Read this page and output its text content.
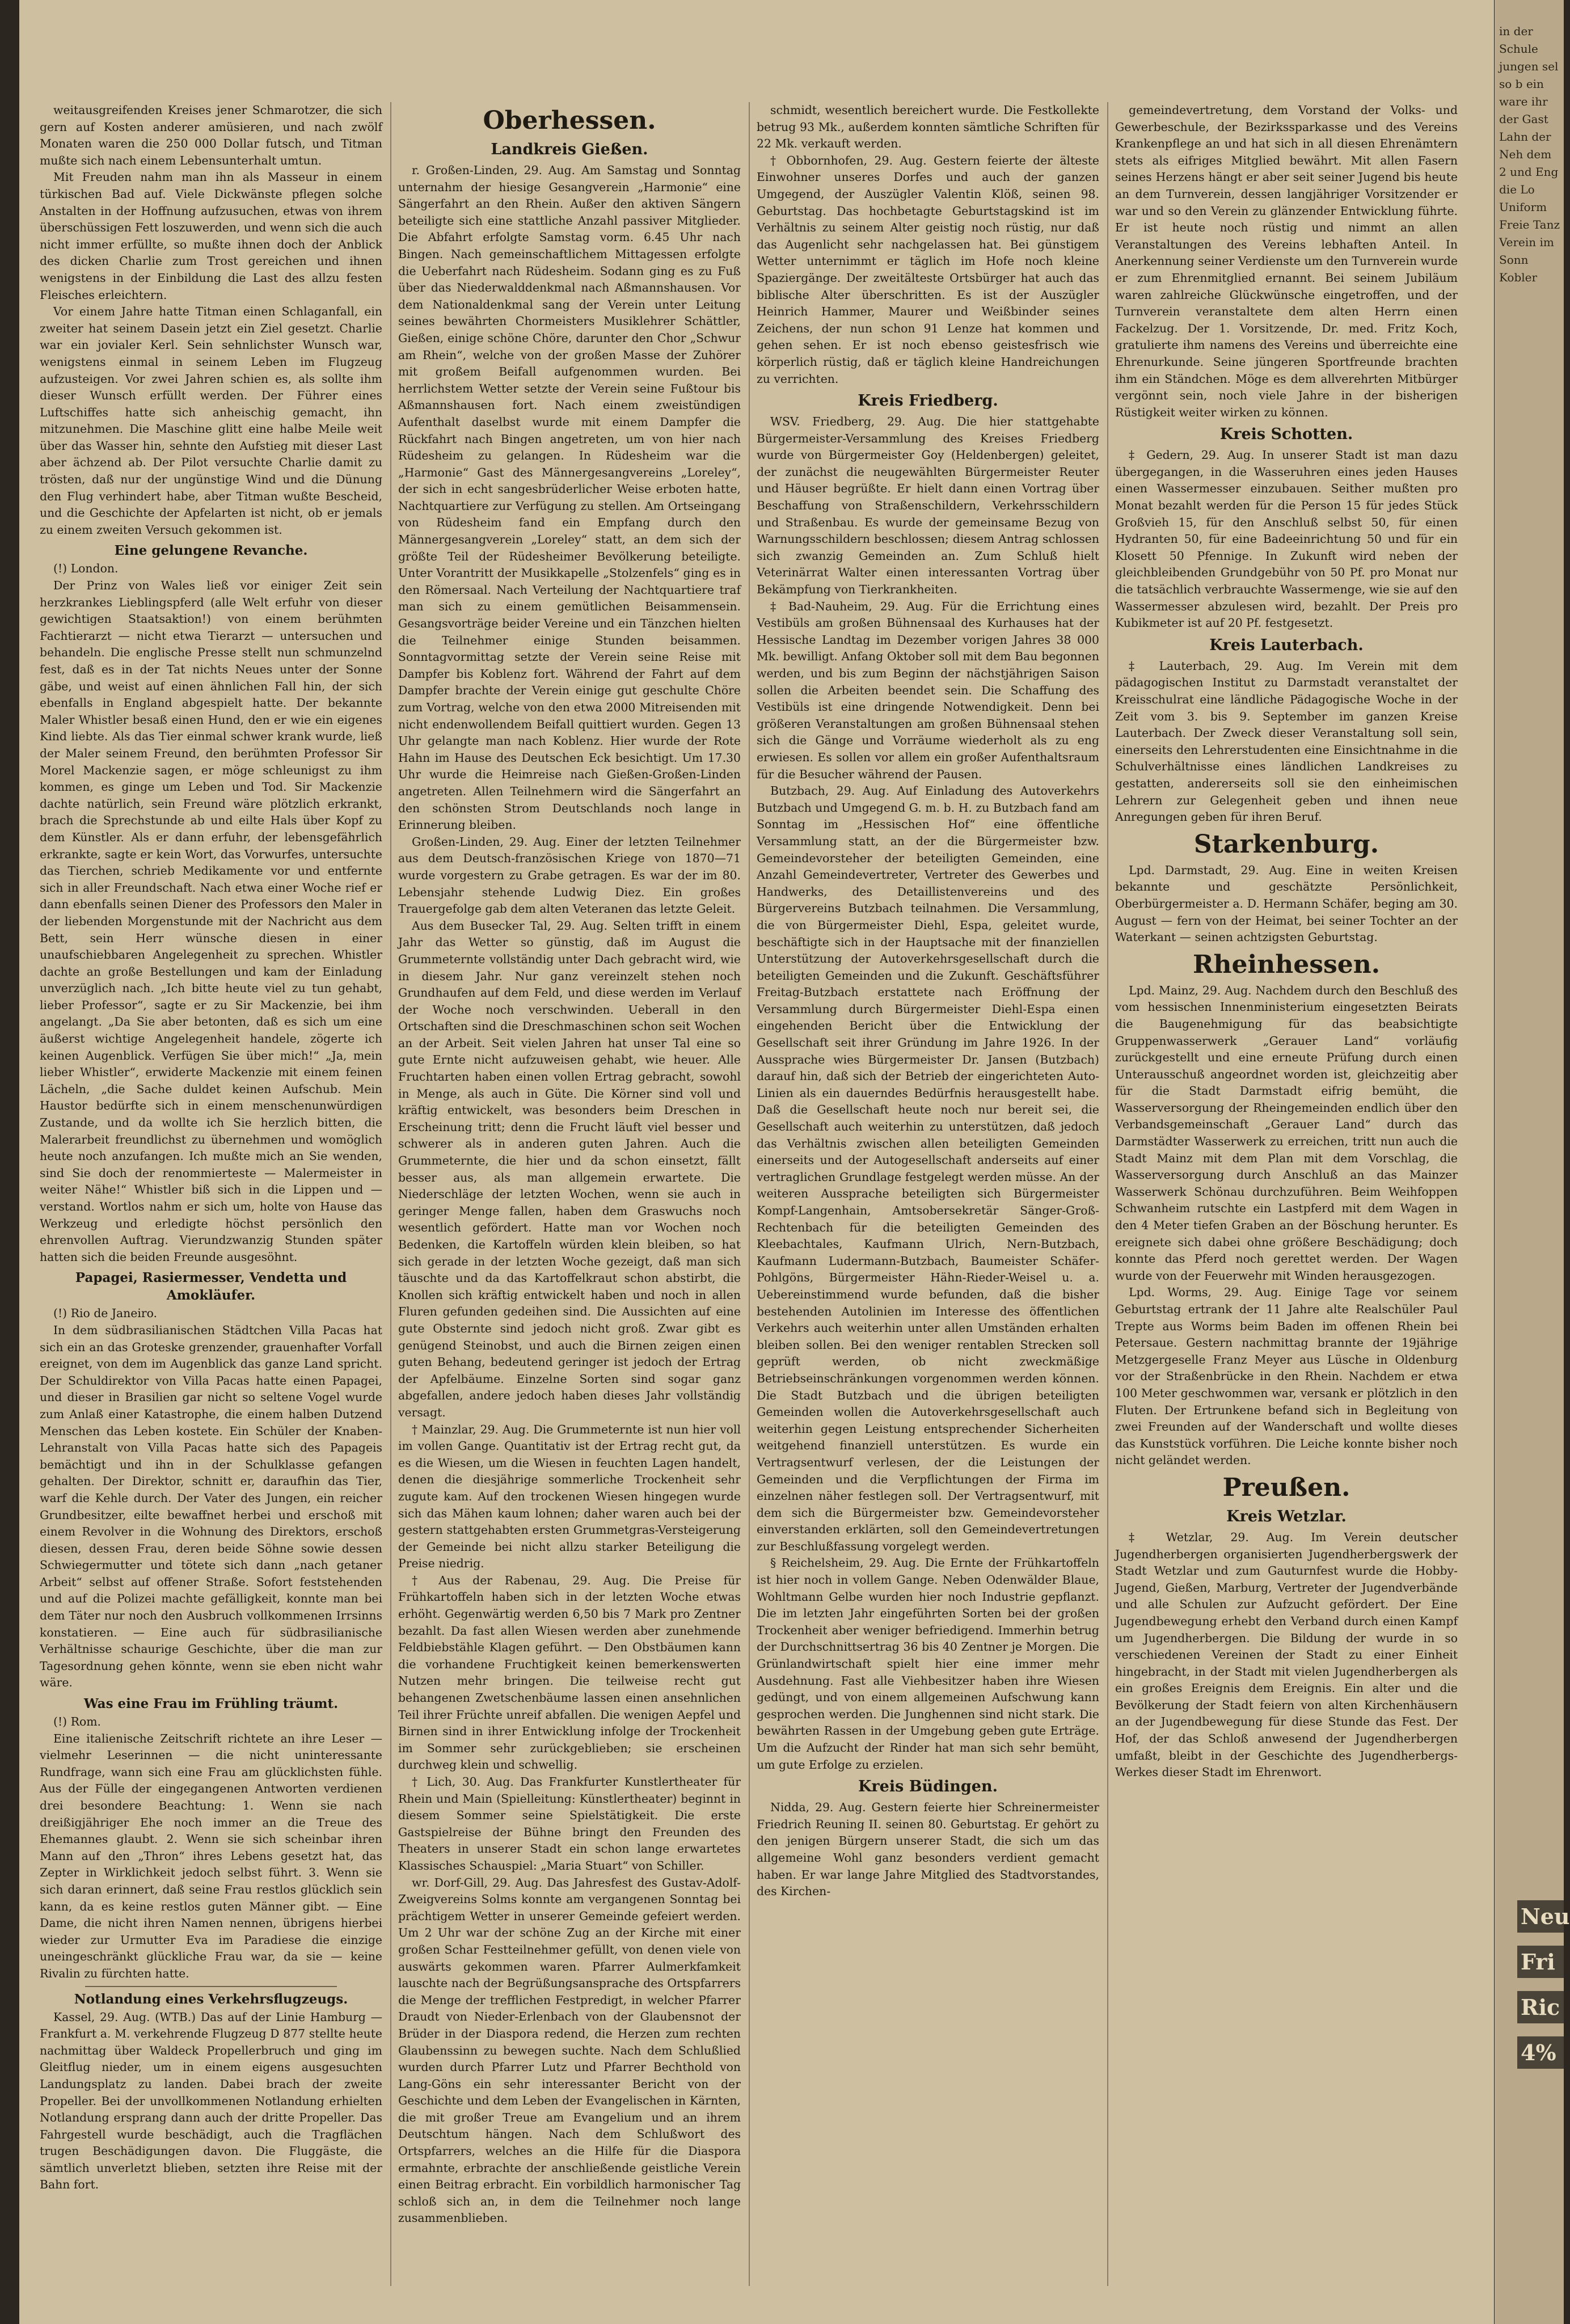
weitausgreifenden Kreises jener Schmarotzer, die sich gern auf Kosten anderer amüsieren, und nach zwölf Monaten waren die 250 000 Dollar futsch, und Titman mußte sich nach einem Lebensunterhalt umtun.

Mit Freuden nahm man ihn als Masseur in einem türkischen Bad auf. Viele Dickwänste pflegen solche Anstalten in der Hoffnung aufzusuchen, etwas von ihrem überschüssigen Fett loszuwerden, und wenn sich die auch nicht immer erfüllte, so mußte ihnen doch der Anblick des dicken Charlie zum Trost gereichen und ihnen wenigstens in der Einbildung die Last des allzu festen Fleisches erleichtern.

Vor einem Jahre hatte Titman einen Schlaganfall, ein zweiter hat seinem Dasein jetzt ein Ziel gesetzt. Charlie war ein jovialer Kerl. Sein sehnlichster Wunsch war, wenigstens einmal in seinem Leben im Flugzeug aufzusteigen. Vor zwei Jahren schien es, als sollte ihm dieser Wunsch erfüllt werden. Der Führer eines Luftschiffes hatte sich anheischig gemacht, ihn mitzunehmen. Die Maschine glitt eine halbe Meile weit über das Wasser hin, sehnte den Aufstieg mit dieser Last aber ächzend ab. Der Pilot versuchte Charlie damit zu trösten, daß nur der ungünstige Wind und die Dünung den Flug verhindert habe, aber Titman wußte Bescheid, und die Geschichte der Apfelarten ist nicht, ob er jemals zu einem zweiten Versuch gekommen ist.

Eine gelungene Revanche.

(!) London.

Der Prinz von Wales ließ vor einiger Zeit sein herzkrankes Lieblingspferd (alle Welt erfuhr von dieser gewichtigen Staatsaktion!) von einem berühmten Fachtierarzt — nicht etwa Tierarzt — untersuchen und behandeln. Die englische Presse stellt nun schmunzelnd fest, daß es in der Tat nichts Neues unter der Sonne gäbe, und weist auf einen ähnlichen Fall hin, der sich ebenfalls in England abgespielt hatte. Der bekannte Maler Whistler besaß einen Hund, den er wie ein eigenes Kind liebte. Als das Tier einmal schwer krank wurde, ließ der Maler seinem Freund, den berühmten Professor Sir Morel Mackenzie sagen, er möge schleunigst zu ihm kommen, es ginge um Leben und Tod. Sir Mackenzie dachte natürlich, sein Freund wäre plötzlich erkrankt, brach die Sprechstunde ab und eilte Hals über Kopf zu dem Künstler. Als er dann erfuhr, der lebensgefährlich erkrankte, sagte er kein Wort, das Vorwurfes, untersuchte das Tierchen, schrieb Medikamente vor und entfernte sich in aller Freundschaft. Nach etwa einer Woche rief er dann ebenfalls seinen Diener des Professors den Maler in der liebenden Morgenstunde mit der Nachricht aus dem Bett, sein Herr wünsche diesen in einer unaufschiebbaren Angelegenheit zu sprechen. Whistler dachte an große Bestellungen und kam der Einladung unverzüglich nach. „Ich bitte heute viel zu tun gehabt, lieber Professor“, sagte er zu Sir Mackenzie, bei ihm angelangt. „Da Sie aber betonten, daß es sich um eine äußerst wichtige Angelegenheit handele, zögerte ich keinen Augenblick. Verfügen Sie über mich!“ „Ja, mein lieber Whistler“, erwiderte Mackenzie mit einem feinen Lächeln, „die Sache duldet keinen Aufschub. Mein Haustor bedürfte sich in einem menschenunwürdigen Zustande, und da wollte ich Sie herzlich bitten, die Malerarbeit freundlichst zu übernehmen und womöglich heute noch anzufangen. Ich mußte mich an Sie wenden, sind Sie doch der renommierteste — Malermeister in weiter Nähe!“ Whistler biß sich in die Lippen und — verstand. Wortlos nahm er sich um, holte von Hause das Werkzeug und erledigte höchst persönlich den ehrenvollen Auftrag. Vierundzwanzig Stunden später hatten sich die beiden Freunde ausgesöhnt.

Papagei, Rasiermesser, Vendetta und Amokläufer.

(!) Rio de Janeiro.

In dem südbrasilianischen Städtchen Villa Pacas hat sich ein an das Groteske grenzender, grauenhafter Vorfall ereignet, von dem im Augenblick das ganze Land spricht. Der Schuldirektor von Villa Pacas hatte einen Papagei, und dieser in Brasilien gar nicht so seltene Vogel wurde zum Anlaß einer Katastrophe, die einem halben Dutzend Menschen das Leben kostete. Ein Schüler der Knaben-Lehranstalt von Villa Pacas hatte sich des Papageis bemächtigt und ihn in der Schulklasse gefangen gehalten. Der Direktor, schnitt er, daraufhin das Tier, warf die Kehle durch. Der Vater des Jungen, ein reicher Grundbesitzer, eilte bewaffnet herbei und erschoß mit einem Revolver in die Wohnung des Direktors, erschoß diesen, dessen Frau, deren beide Söhne sowie dessen Schwiegermutter und tötete sich dann „nach getaner Arbeit“ selbst auf offener Straße. Sofort feststehenden und auf die Polizei machte gefälligkeit, konnte man bei dem Täter nur noch den Ausbruch vollkommenen Irrsinns konstatieren. — Eine auch für südbrasilianische Verhältnisse schaurige Geschichte, über die man zur Tagesordnung gehen könnte, wenn sie eben nicht wahr wäre.

Was eine Frau im Frühling träumt.

(!) Rom.

Eine italienische Zeitschrift richtete an ihre Leser — vielmehr Leserinnen — die nicht uninteressante Rundfrage, wann sich eine Frau am glücklichsten fühle. Aus der Fülle der eingegangenen Antworten verdienen drei besondere Beachtung: 1. Wenn sie nach dreißigjähriger Ehe noch immer an die Treue des Ehemannes glaubt. 2. Wenn sie sich scheinbar ihren Mann auf den „Thron“ ihres Lebens gesetzt hat, das Zepter in Wirklichkeit jedoch selbst führt. 3. Wenn sie sich daran erinnert, daß seine Frau restlos glücklich sein kann, da es keine restlos guten Männer gibt. — Eine Dame, die nicht ihren Namen nennen, übrigens hierbei wieder zur Urmutter Eva im Paradiese die einzige uneingeschränkt glückliche Frau war, da sie — keine Rivalin zu fürchten hatte.

Notlandung eines Verkehrsflugzeugs.

Kassel, 29. Aug. (WTB.) Das auf der Linie Hamburg — Frankfurt a. M. verkehrende Flugzeug D 877 stellte heute nachmittag über Waldeck Propellerbruch und ging im Gleitflug nieder, um in einem eigens ausgesuchten Landungsplatz zu landen. Dabei brach der zweite Propeller. Bei der unvollkommenen Notlandung erhielten Notlandung ersprang dann auch der dritte Propeller. Das Fahrgestell wurde beschädigt, auch die Tragflächen trugen Beschädigungen davon. Die Fluggäste, die sämtlich unverletzt blieben, setzten ihre Reise mit der Bahn fort.

Oberhessen.
Landkreis Gießen.

r. Großen-Linden, 29. Aug. Am Samstag und Sonntag unternahm der hiesige Gesangverein „Harmonie“ eine Sängerfahrt an den Rhein. Außer den aktiven Sängern beteiligte sich eine stattliche Anzahl passiver Mitglieder. Die Abfahrt erfolgte Samstag vorm. 6.45 Uhr nach Bingen. Nach gemeinschaftlichem Mittagessen erfolgte die Ueberfahrt nach Rüdesheim. Sodann ging es zu Fuß über das Niederwalddenkmal nach Aßmannshausen. Vor dem Nationaldenkmal sang der Verein unter Leitung seines bewährten Chormeisters Musiklehrer Schättler, Gießen, einige schöne Chöre, darunter den Chor „Schwur am Rhein“, welche von der großen Masse der Zuhörer mit großem Beifall aufgenommen wurden. Bei herrlichstem Wetter setzte der Verein seine Fußtour bis Aßmannshausen fort. Nach einem zweistündigen Aufenthalt daselbst wurde mit einem Dampfer die Rückfahrt nach Bingen angetreten, um von hier nach Rüdesheim zu gelangen. In Rüdesheim war die „Harmonie“ Gast des Männergesangvereins „Loreley“, der sich in echt sangesbrüderlicher Weise erboten hatte, Nachtquartiere zur Verfügung zu stellen. Am Ortseingang von Rüdesheim fand ein Empfang durch den Männergesangverein „Loreley“ statt, an dem sich der größte Teil der Rüdesheimer Bevölkerung beteiligte. Unter Vorantritt der Musikkapelle „Stolzenfels“ ging es in den Römersaal. Nach Verteilung der Nachtquartiere traf man sich zu einem gemütlichen Beisammensein. Gesangsvorträge beider Vereine und ein Tänzchen hielten die Teilnehmer einige Stunden beisammen. Sonntagvormittag setzte der Verein seine Reise mit Dampfer bis Koblenz fort. Während der Fahrt auf dem Dampfer brachte der Verein einige gut geschulte Chöre zum Vortrag, welche von den etwa 2000 Mitreisenden mit nicht endenwollendem Beifall quittiert wurden. Gegen 13 Uhr gelangte man nach Koblenz. Hier wurde der Rote Hahn im Hause des Deutschen Eck besichtigt. Um 17.30 Uhr wurde die Heimreise nach Gießen-Großen-Linden angetreten. Allen Teilnehmern wird die Sängerfahrt an den schönsten Strom Deutschlands noch lange in Erinnerung bleiben.

Großen-Linden, 29. Aug. Einer der letzten Teilnehmer aus dem Deutsch-französischen Kriege von 1870—71 wurde vorgestern zu Grabe getragen. Es war der im 80. Lebensjahr stehende Ludwig Diez. Ein großes Trauergefolge gab dem alten Veteranen das letzte Geleit.

Aus dem Busecker Tal, 29. Aug. Selten trifft in einem Jahr das Wetter so günstig, daß im August die Grummeternte vollständig unter Dach gebracht wird, wie in diesem Jahr. Nur ganz vereinzelt stehen noch Grundhaufen auf dem Feld, und diese werden im Verlauf der Woche noch verschwinden. Ueberall in den Ortschaften sind die Dreschmaschinen schon seit Wochen an der Arbeit. Seit vielen Jahren hat unser Tal eine so gute Ernte nicht aufzuweisen gehabt, wie heuer. Alle Fruchtarten haben einen vollen Ertrag gebracht, sowohl in Menge, als auch in Güte. Die Körner sind voll und kräftig entwickelt, was besonders beim Dreschen in Erscheinung tritt; denn die Frucht läuft viel besser und schwerer als in anderen guten Jahren. Auch die Grummeternte, die hier und da schon einsetzt, fällt besser aus, als man allgemein erwartete. Die Niederschläge der letzten Wochen, wenn sie auch in geringer Menge fallen, haben dem Graswuchs noch wesentlich gefördert. Hatte man vor Wochen noch Bedenken, die Kartoffeln würden klein bleiben, so hat sich gerade in der letzten Woche gezeigt, daß man sich täuschte und da das Kartoffelkraut schon abstirbt, die Knollen sich kräftig entwickelt haben und noch in allen Fluren gefunden gedeihen sind. Die Aussichten auf eine gute Obsternte sind jedoch nicht groß. Zwar gibt es genügend Steinobst, und auch die Birnen zeigen einen guten Behang, bedeutend geringer ist jedoch der Ertrag der Apfelbäume. Einzelne Sorten sind sogar ganz abgefallen, andere jedoch haben dieses Jahr vollständig versagt.

† Mainzlar, 29. Aug. Die Grummeternte ist nun hier voll im vollen Gange. Quantitativ ist der Ertrag recht gut, da es die Wiesen, um die Wiesen in feuchten Lagen handelt, denen die diesjährige sommerliche Trockenheit sehr zugute kam. Auf den trockenen Wiesen hingegen wurde sich das Mähen kaum lohnen; daher waren auch bei der gestern stattgehabten ersten Grummetgras-Versteigerung der Gemeinde bei nicht allzu starker Beteiligung die Preise niedrig.

† Aus der Rabenau, 29. Aug. Die Preise für Frühkartoffeln haben sich in der letzten Woche etwas erhöht. Gegenwärtig werden 6,50 bis 7 Mark pro Zentner bezahlt. Da fast allen Wiesen werden aber zunehmende Feldbiebstähle Klagen geführt. — Den Obstbäumen kann die vorhandene Fruchtigkeit keinen bemerkenswerten Nutzen mehr bringen. Die teilweise recht gut behangenen Zwetschenbäume lassen einen ansehnlichen Teil ihrer Früchte unreif abfallen. Die wenigen Aepfel und Birnen sind in ihrer Entwicklung infolge der Trockenheit im Sommer sehr zurückgeblieben; sie erscheinen durchweg klein und schwellig.

† Lich, 30. Aug. Das Frankfurter Kunstlertheater für Rhein und Main (Spielleitung: Künstlertheater) beginnt in diesem Sommer seine Spielstätigkeit. Die erste Gastspielreise der Bühne bringt den Freunden des Theaters in unserer Stadt ein schon lange erwartetes Klassisches Schauspiel: „Maria Stuart“ von Schiller.

wr. Dorf-Gill, 29. Aug. Das Jahresfest des Gustav-Adolf-Zweigvereins Solms konnte am vergangenen Sonntag bei prächtigem Wetter in unserer Gemeinde gefeiert werden. Um 2 Uhr war der schöne Zug an der Kirche mit einer großen Schar Festteilnehmer gefüllt, von denen viele von auswärts gekommen waren. Pfarrer Aulmerkfamkeit lauschte nach der Begrüßungsansprache des Ortspfarrers die Menge der trefflichen Festpredigt, in welcher Pfarrer Draudt von Nieder-Erlenbach von der Glaubensnot der Brüder in der Diaspora redend, die Herzen zum rechten Glaubenssinn zu bewegen suchte. Nach dem Schlußlied wurden durch Pfarrer Lutz und Pfarrer Bechthold von Lang-Göns ein sehr interessanter Bericht von der Geschichte und dem Leben der Evangelischen in Kärnten, die mit großer Treue am Evangelium und an ihrem Deutschtum hängen. Nach dem Schlußwort des Ortspfarrers, welches an die Hilfe für die Diaspora ermahnte, erbrachte der anschließende geistliche Verein einen Beitrag erbracht. Ein vorbildlich harmonischer Tag schloß sich an, in dem die Teilnehmer noch lange zusammenblieben.

schmidt, wesentlich bereichert wurde. Die Festkollekte betrug 93 Mk., außerdem konnten sämtliche Schriften für 22 Mk. verkauft werden.

† Obbornhofen, 29. Aug. Gestern feierte der älteste Einwohner unseres Dorfes und auch der ganzen Umgegend, der Auszügler Valentin Klöß, seinen 98. Geburtstag. Das hochbetagte Geburtstagskind ist im Verhältnis zu seinem Alter geistig noch rüstig, nur daß das Augenlicht sehr nachgelassen hat. Bei günstigem Wetter unternimmt er täglich im Hofe noch kleine Spaziergänge. Der zweitälteste Ortsbürger hat auch das biblische Alter überschritten. Es ist der Auszügler Heinrich Hammer, Maurer und Weißbinder seines Zeichens, der nun schon 91 Lenze hat kommen und gehen sehen. Er ist noch ebenso geistesfrisch wie körperlich rüstig, daß er täglich kleine Handreichungen zu verrichten.

Kreis Friedberg.

WSV. Friedberg, 29. Aug. Die hier stattgehabte Bürgermeister-Versammlung des Kreises Friedberg wurde von Bürgermeister Goy (Heldenbergen) geleitet, der zunächst die neugewählten Bürgermeister Reuter und Häuser begrüßte. Er hielt dann einen Vortrag über Beschaffung von Straßenschildern, Verkehrsschildern und Straßenbau. Es wurde der gemeinsame Bezug von Warnungsschildern beschlossen; diesem Antrag schlossen sich zwanzig Gemeinden an. Zum Schluß hielt Veterinärrat Walter einen interessanten Vortrag über Bekämpfung von Tierkrankheiten.

‡ Bad-Nauheim, 29. Aug. Für die Errichtung eines Vestibüls am großen Bühnensaal des Kurhauses hat der Hessische Landtag im Dezember vorigen Jahres 38 000 Mk. bewilligt. Anfang Oktober soll mit dem Bau begonnen werden, und bis zum Beginn der nächstjährigen Saison sollen die Arbeiten beendet sein. Die Schaffung des Vestibüls ist eine dringende Notwendigkeit. Denn bei größeren Veranstaltungen am großen Bühnensaal stehen sich die Gänge und Vorräume wiederholt als zu eng erwiesen. Es sollen vor allem ein großer Aufenthaltsraum für die Besucher während der Pausen.

Butzbach, 29. Aug. Auf Einladung des Autoverkehrs Butzbach und Umgegend G. m. b. H. zu Butzbach fand am Sonntag im „Hessischen Hof“ eine öffentliche Versammlung statt, an der die Bürgermeister bzw. Gemeindevorsteher der beteiligten Gemeinden, eine Anzahl Gemeindevertreter, Vertreter des Gewerbes und Handwerks, des Detaillistenvereins und des Bürgervereins Butzbach teilnahmen. Die Versammlung, die von Bürgermeister Diehl, Espa, geleitet wurde, beschäftigte sich in der Hauptsache mit der finanziellen Unterstützung der Autoverkehrsgesellschaft durch die beteiligten Gemeinden und die Zukunft. Geschäftsführer Freitag-Butzbach erstattete nach Eröffnung der Versammlung durch Bürgermeister Diehl-Espa einen eingehenden Bericht über die Entwicklung der Gesellschaft seit ihrer Gründung im Jahre 1926. In der Aussprache wies Bürgermeister Dr. Jansen (Butzbach) darauf hin, daß sich der Betrieb der eingerichteten Auto-Linien als ein dauerndes Bedürfnis herausgestellt habe. Daß die Gesellschaft heute noch nur bereit sei, die Gesellschaft auch weiterhin zu unterstützen, daß jedoch das Verhältnis zwischen allen beteiligten Gemeinden einerseits und der Autogesellschaft anderseits auf einer vertraglichen Grundlage festgelegt werden müsse. An der weiteren Aussprache beteiligten sich Bürgermeister Kompf-Langenhain, Amtsobersekretär Sänger-Groß-Rechtenbach für die beteiligten Gemeinden des Kleebachtales, Kaufmann Ulrich, Nern-Butzbach, Kaufmann Ludermann-Butzbach, Baumeister Schäfer-Pohlgöns, Bürgermeister Hähn-Rieder-Weisel u. a. Uebereinstimmend wurde befunden, daß die bisher bestehenden Autolinien im Interesse des öffentlichen Verkehrs auch weiterhin unter allen Umständen erhalten bleiben sollen. Bei den weniger rentablen Strecken soll geprüft werden, ob nicht zweckmäßige Betriebseinschränkungen vorgenommen werden können. Die Stadt Butzbach und die übrigen beteiligten Gemeinden wollen die Autoverkehrsgesellschaft auch weiterhin gegen Leistung entsprechender Sicherheiten weitgehend finanziell unterstützen. Es wurde ein Vertragsentwurf verlesen, der die Leistungen der Gemeinden und die Verpflichtungen der Firma im einzelnen näher festlegen soll. Der Vertragsentwurf, mit dem sich die Bürgermeister bzw. Gemeindevorsteher einverstanden erklärten, soll den Gemeindevertretungen zur Beschlußfassung vorgelegt werden.

§ Reichelsheim, 29. Aug. Die Ernte der Frühkartoffeln ist hier noch in vollem Gange. Neben Odenwälder Blaue, Wohltmann Gelbe wurden hier noch Industrie gepflanzt. Die im letzten Jahr eingeführten Sorten bei der großen Trockenheit aber weniger befriedigend. Immerhin betrug der Durchschnittsertrag 36 bis 40 Zentner je Morgen. Die Grünlandwirtschaft spielt hier eine immer mehr Ausdehnung. Fast alle Viehbesitzer haben ihre Wiesen gedüngt, und von einem allgemeinen Aufschwung kann gesprochen werden. Die Junghennen sind nicht stark. Die bewährten Rassen in der Umgebung geben gute Erträge. Um die Aufzucht der Rinder hat man sich sehr bemüht, um gute Erfolge zu erzielen.

Kreis Büdingen.

Nidda, 29. Aug. Gestern feierte hier Schreinermeister Friedrich Reuning II. seinen 80. Geburtstag. Er gehört zu den jenigen Bürgern unserer Stadt, die sich um das allgemeine Wohl ganz besonders verdient gemacht haben. Er war lange Jahre Mitglied des Stadtvorstandes, des Kirchen-

gemeindevertretung, dem Vorstand der Volks- und Gewerbeschule, der Bezirkssparkasse und des Vereins Krankenpflege an und hat sich in all diesen Ehrenämtern stets als eifriges Mitglied bewährt. Mit allen Fasern seines Herzens hängt er aber seit seiner Jugend bis heute an dem Turnverein, dessen langjähriger Vorsitzender er war und so den Verein zu glänzender Entwicklung führte. Er ist heute noch rüstig und nimmt an allen Veranstaltungen des Vereins lebhaften Anteil. In Anerkennung seiner Verdienste um den Turnverein wurde er zum Ehrenmitglied ernannt. Bei seinem Jubiläum waren zahlreiche Glückwünsche eingetroffen, und der Turnverein veranstaltete dem alten Herrn einen Fackelzug. Der 1. Vorsitzende, Dr. med. Fritz Koch, gratulierte ihm namens des Vereins und überreichte eine Ehrenurkunde. Seine jüngeren Sportfreunde brachten ihm ein Ständchen. Möge es dem allverehrten Mitbürger vergönnt sein, noch viele Jahre in der bisherigen Rüstigkeit weiter wirken zu können.

Kreis Schotten.

‡ Gedern, 29. Aug. In unserer Stadt ist man dazu übergegangen, in die Wasseruhren eines jeden Hauses einen Wassermesser einzubauen. Seither mußten pro Monat bezahlt werden für die Person 15 für jedes Stück Großvieh 15, für den Anschluß selbst 50, für einen Hydranten 50, für eine Badeeinrichtung 50 und für ein Klosett 50 Pfennige. In Zukunft wird neben der gleichbleibenden Grundgebühr von 50 Pf. pro Monat nur die tatsächlich verbrauchte Wassermenge, wie sie auf den Wassermesser abzulesen wird, bezahlt. Der Preis pro Kubikmeter ist auf 20 Pf. festgesetzt.

Kreis Lauterbach.

‡ Lauterbach, 29. Aug. Im Verein mit dem pädagogischen Institut zu Darmstadt veranstaltet der Kreisschulrat eine ländliche Pädagogische Woche in der Zeit vom 3. bis 9. September im ganzen Kreise Lauterbach. Der Zweck dieser Veranstaltung soll sein, einerseits den Lehrerstudenten eine Einsichtnahme in die Schulverhältnisse eines ländlichen Landkreises zu gestatten, andererseits soll sie den einheimischen Lehrern zur Gelegenheit geben und ihnen neue Anregungen geben für ihren Beruf.

Starkenburg.

Lpd. Darmstadt, 29. Aug. Eine in weiten Kreisen bekannte und geschätzte Persönlichkeit, Oberbürgermeister a. D. Hermann Schäfer, beging am 30. August — fern von der Heimat, bei seiner Tochter an der Waterkant — seinen achtzigsten Geburtstag.

Rheinhessen.

Lpd. Mainz, 29. Aug. Nachdem durch den Beschluß des vom hessischen Innenministerium eingesetzten Beirats die Baugenehmigung für das beabsichtigte Gruppenwasserwerk „Gerauer Land“ vorläufig zurückgestellt und eine erneute Prüfung durch einen Unterausschuß angeordnet worden ist, gleichzeitig aber für die Stadt Darmstadt eifrig bemüht, die Wasserversorgung der Rheingemeinden endlich über den Verbandsgemeinschaft „Gerauer Land“ durch das Darmstädter Wasserwerk zu erreichen, tritt nun auch die Stadt Mainz mit dem Plan mit dem Vorschlag, die Wasserversorgung durch Anschluß an das Mainzer Wasserwerk Schönau durchzuführen. Beim Weihfoppen Schwanheim rutschte ein Lastpferd mit dem Wagen in den 4 Meter tiefen Graben an der Böschung herunter. Es ereignete sich dabei ohne größere Beschädigung; doch konnte das Pferd noch gerettet werden. Der Wagen wurde von der Feuerwehr mit Winden herausgezogen.

Lpd. Worms, 29. Aug. Einige Tage vor seinem Geburtstag ertrank der 11 Jahre alte Realschüler Paul Trepte aus Worms beim Baden im offenen Rhein bei Petersaue. Gestern nachmittag brannte der 19jährige Metzgergeselle Franz Meyer aus Lüsche in Oldenburg vor der Straßenbrücke in den Rhein. Nachdem er etwa 100 Meter geschwommen war, versank er plötzlich in den Fluten. Der Ertrunkene befand sich in Begleitung von zwei Freunden auf der Wanderschaft und wollte dieses das Kunststück vorführen. Die Leiche konnte bisher noch nicht geländet werden.

Preußen.
Kreis Wetzlar.

‡ Wetzlar, 29. Aug. Im Verein deutscher Jugendherbergen organisierten Jugendherbergswerk der Stadt Wetzlar und zum Gauturnfest wurde die Hobby-Jugend, Gießen, Marburg, Vertreter der Jugendverbände und alle Schulen zur Aufzucht gefördert. Der Eine Jugendbewegung erhebt den Verband durch einen Kampf um Jugendherbergen. Die Bildung der wurde in so verschiedenen Vereinen der Stadt zu einer Einheit hingebracht, in der Stadt mit vielen Jugendherbergen als ein großes Ereignis dem Ereignis. Ein alter und die Bevölkerung der Stadt feiern von alten Kirchenhäusern an der Jugendbewegung für diese Stunde das Fest. Der Hof, der das Schloß anwesend der Jugendherbergen umfaßt, bleibt in der Geschichte des Jugendherbergs-Werkes dieser Stadt im Ehrenwort.

in der Schule jungen sel so b ein ware ihr der Gast Lahn der Neh dem 2 und Eng die Lo Uniform Freie Tanz Verein im Sonn Kobler
Neu
Fri
Ric
4%
